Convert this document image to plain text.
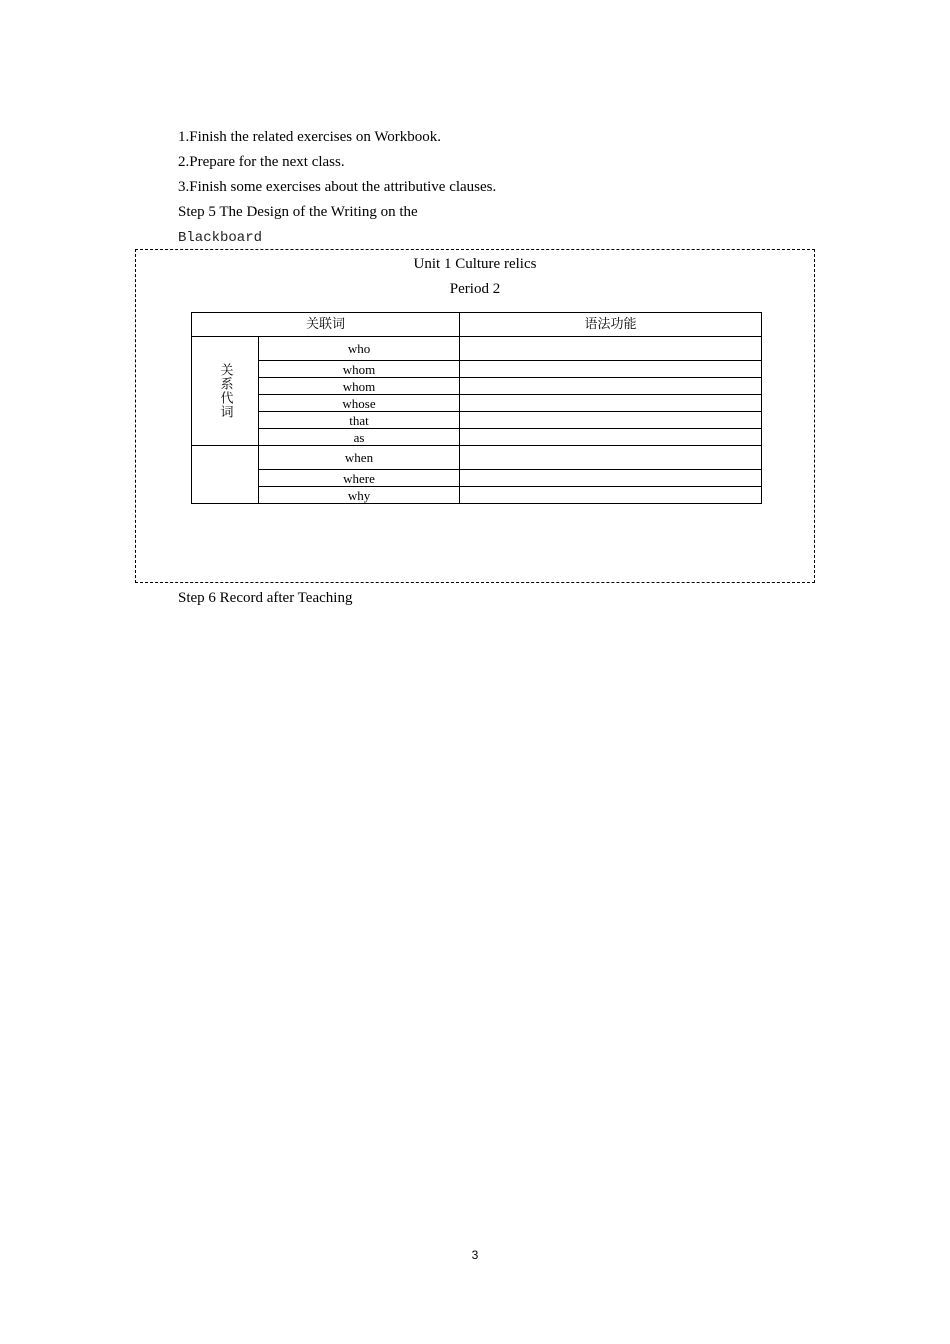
1.Finish the related exercises on Workbook.
2.Prepare for the next class.
3.Finish some exercises about the attributive clauses.
Step 5 The Design of the Writing on the
Blackboard
Unit 1 Culture relics
Period 2
关联词		语法功能

关系代词	who	
	whom	
	whom	
	whose	
	that	
	as	
	when	
	where	
	why	
Step 6 Record after Teaching
3
